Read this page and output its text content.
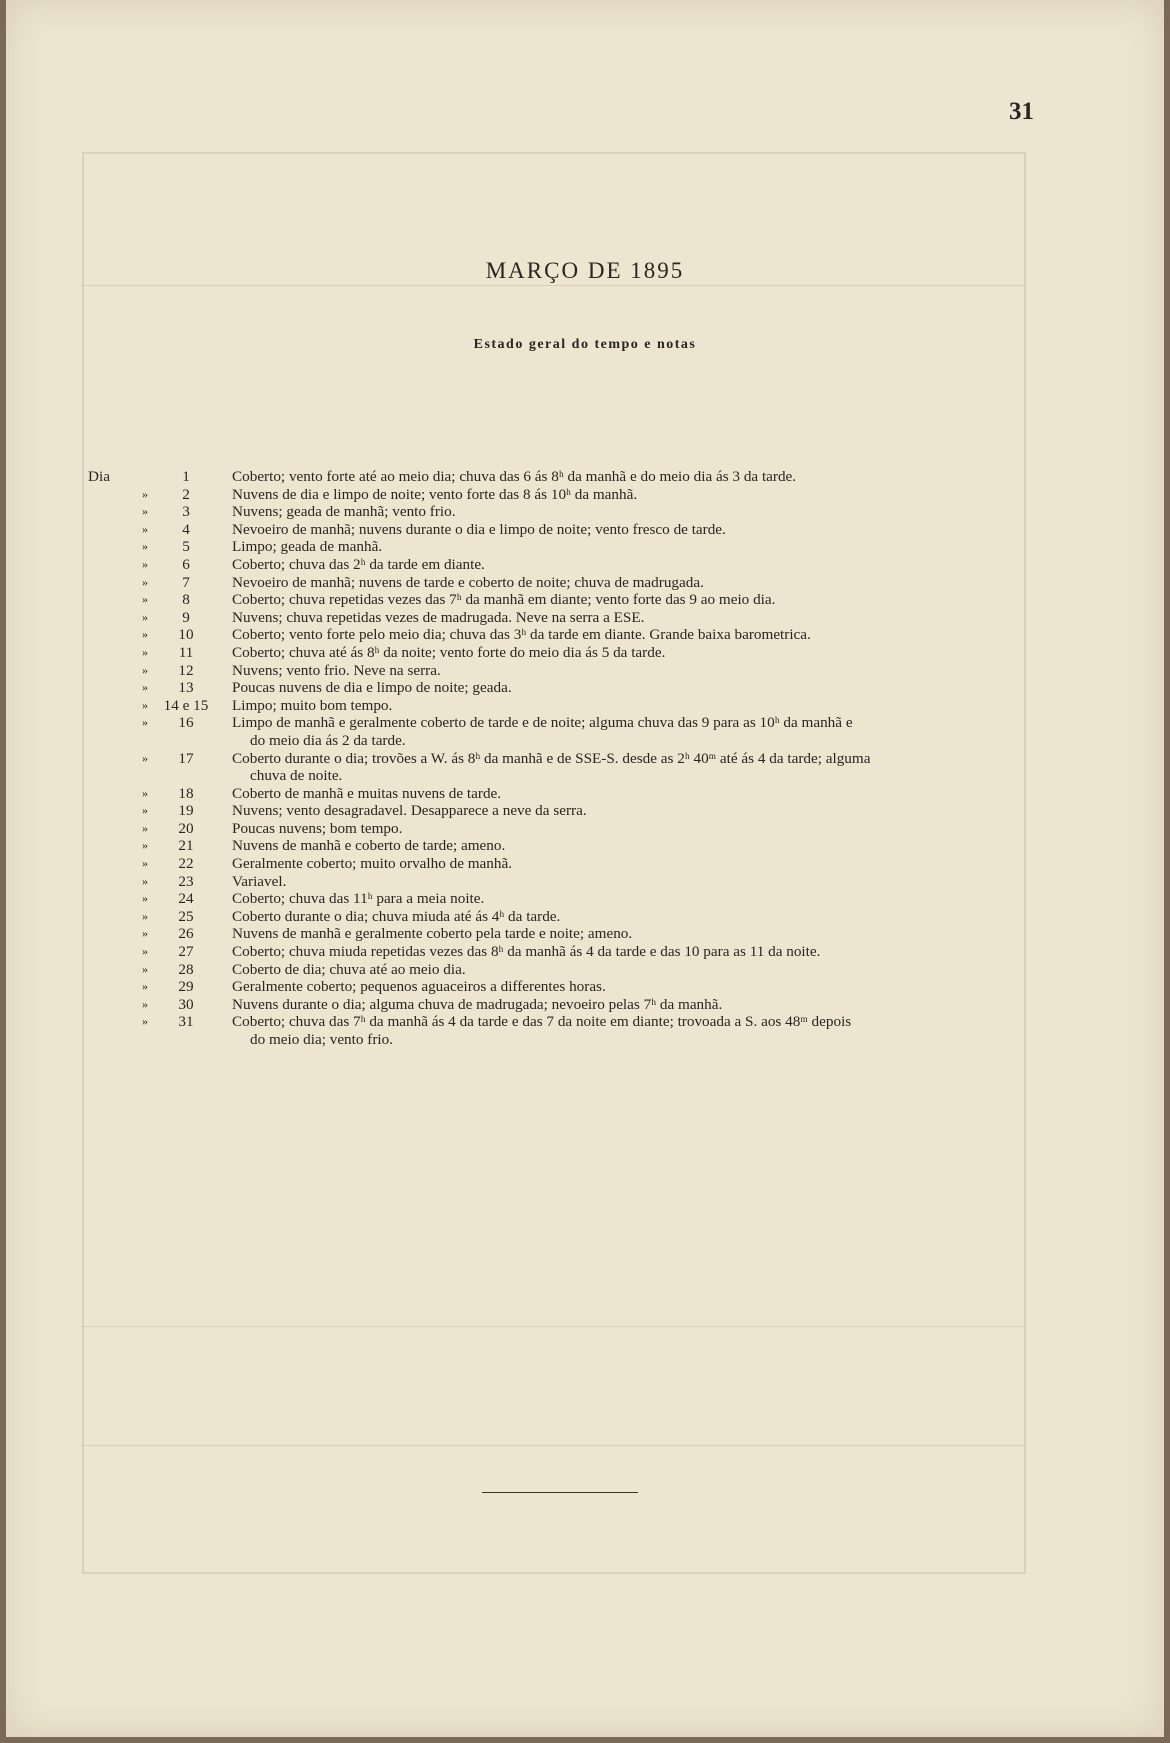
31
MARÇO DE 1895
Estado geral do tempo e notas
Dia	1	Coberto; vento forte até ao meio dia; chuva das 6 ás 8ʰ da manhã e do meio dia ás 3 da tarde.
»	2	Nuvens de dia e limpo de noite; vento forte das 8 ás 10ʰ da manhã.
»	3	Nuvens; geada de manhã; vento frio.
»	4	Nevoeiro de manhã; nuvens durante o dia e limpo de noite; vento fresco de tarde.
»	5	Limpo; geada de manhã.
»	6	Coberto; chuva das 2ʰ da tarde em diante.
»	7	Nevoeiro de manhã; nuvens de tarde e coberto de noite; chuva de madrugada.
»	8	Coberto; chuva repetidas vezes das 7ʰ da manhã em diante; vento forte das 9 ao meio dia.
»	9	Nuvens; chuva repetidas vezes de madrugada. Neve na serra a ESE.
»	10	Coberto; vento forte pelo meio dia; chuva das 3ʰ da tarde em diante. Grande baixa barometrica.
»	11	Coberto; chuva até ás 8ʰ da noite; vento forte do meio dia ás 5 da tarde.
»	12	Nuvens; vento frio. Neve na serra.
»	13	Poucas nuvens de dia e limpo de noite; geada.
»	14 e 15	Limpo; muito bom tempo.
»	16	Limpo de manhã e geralmente coberto de tarde e de noite; alguma chuva das 9 para as 10ʰ da manhã e
do meio dia ás 2 da tarde.
»	17	Coberto durante o dia; trovões a W. ás 8ʰ da manhã e de SSE-S. desde as 2ʰ 40ᵐ até ás 4 da tarde; alguma
chuva de noite.
»	18	Coberto de manhã e muitas nuvens de tarde.
»	19	Nuvens; vento desagradavel. Desapparece a neve da serra.
»	20	Poucas nuvens; bom tempo.
»	21	Nuvens de manhã e coberto de tarde; ameno.
»	22	Geralmente coberto; muito orvalho de manhã.
»	23	Variavel.
»	24	Coberto; chuva das 11ʰ para a meia noite.
»	25	Coberto durante o dia; chuva miuda até ás 4ʰ da tarde.
»	26	Nuvens de manhã e geralmente coberto pela tarde e noite; ameno.
»	27	Coberto; chuva miuda repetidas vezes das 8ʰ da manhã ás 4 da tarde e das 10 para as 11 da noite.
»	28	Coberto de dia; chuva até ao meio dia.
»	29	Geralmente coberto; pequenos aguaceiros a differentes horas.
»	30	Nuvens durante o dia; alguma chuva de madrugada; nevoeiro pelas 7ʰ da manhã.
»	31	Coberto; chuva das 7ʰ da manhã ás 4 da tarde e das 7 da noite em diante; trovoada a S. aos 48ᵐ depois
do meio dia; vento frio.
